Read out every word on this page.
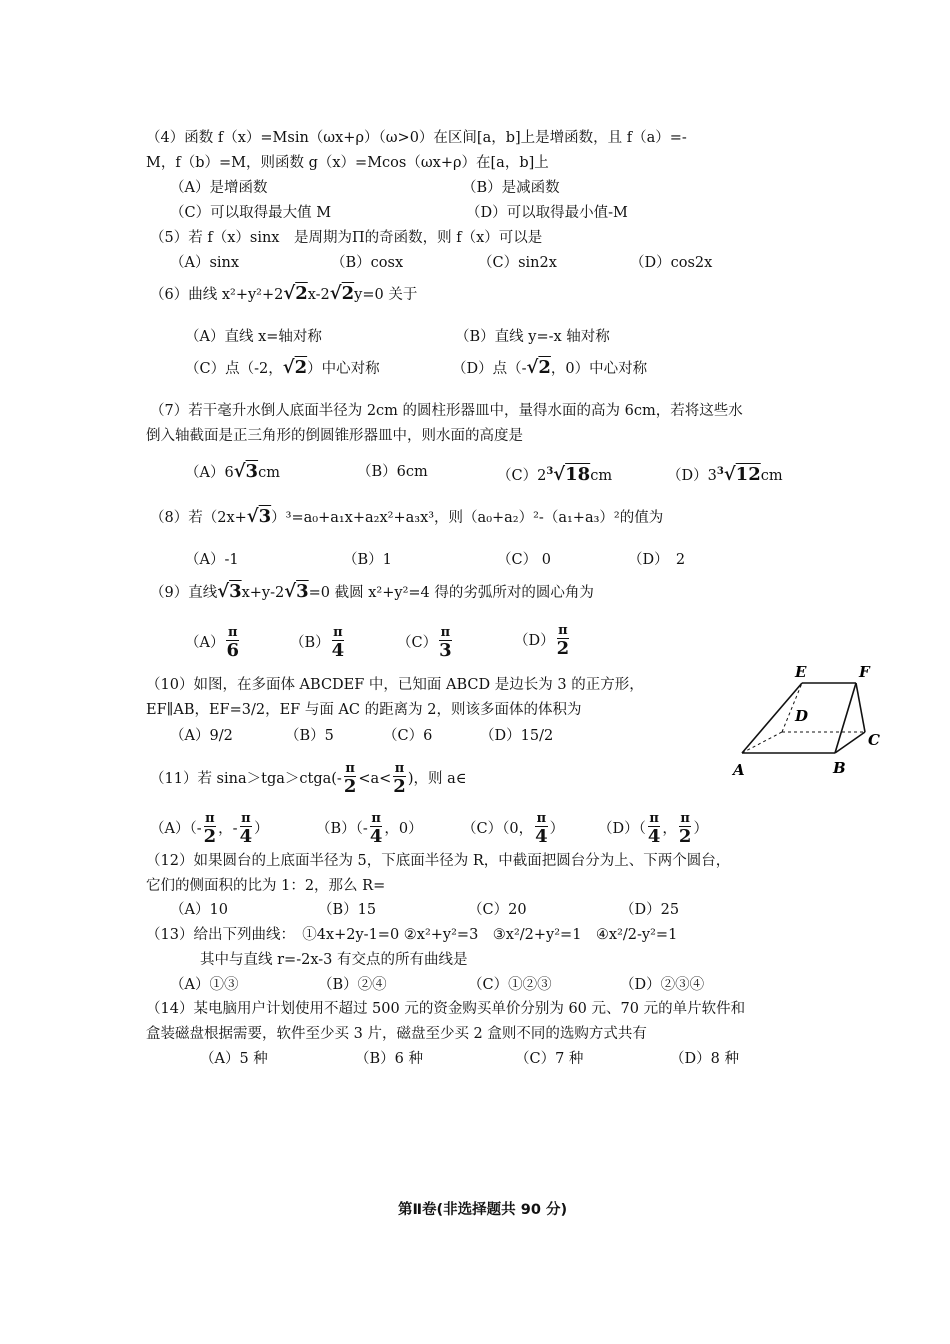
（4）函数 f（x）=Msin（ωx+ρ）（ω>0）在区间[a，b]上是增函数，且 f（a）=-
M，f（b）=M，则函数 g（x）=Mcos（ωx+ρ）在[a，b]上
（A）是增函数	（B）是减函数
（C）可以取得最大值 M	（D）可以取得最小值-M
（5）若 f（x）sinx　是周期为Π的奇函数，则 f（x）可以是
（A）sinx	（B）cosx	（C）sin2x	（D）cos2x
（6）曲线 x²+y²+2√2x-2√2y=0 关于
（A）直线 x=轴对称	（B）直线 y=-x 轴对称
（C）点（-2，√2）中心对称	（D）点（-√2，0）中心对称
（7）若干毫升水倒人底面半径为 2cm 的圆柱形器皿中，量得水面的高为 6cm，若将这些水
倒入轴截面是正三角形的倒圆锥形器皿中，则水面的高度是
（A）6√3cm	（B）6cm	$(C)2^3√18cm$	$(D)3^3√12cm$
（8）若（2x+√3）³=a₀+a₁x+a₂x²+a₃x³，则（a₀+a₂）²-（a₁+a₃）²的值为
（A）-1	（B）1	（C） 0	（D）　2
（9）直线√3x+y-2√3=0 截圆 x²+y²=4 得的劣弧所对的圆心角为
$(A) \frac{\pi}{6}$	$(B) \frac{\pi}{4}$	$(C) \frac{\pi}{3}$	$(D) \frac{\pi}{2}$
（10）如图，在多面体 ABCDEF 中，已知面 ABCD 是边长为 3 的正方形，
EF∥AB，EF=3/2，EF 与面 AC 的距离为 2，则该多面体的体积为
（A）9/2	（B）5	（C）6	（D）15/2
E	F
D
C
A	B
（11）若 sina＞tga＞ctga(- $\frac{\pi}{2} <a< \frac{\pi}{2}$ )，则 a∈
$(A)(- \frac{\pi}{2}$ ，- $\frac{\pi}{4}$ ）	$(B)(- \frac{\pi}{4}$ ，0）	（C）（0， $\frac{\pi}{4}$ ） $(D)( \frac{\pi}{4}$ ， $\frac{\pi}{2}$ ）
（12）如果圆台的上底面半径为 5，下底面半径为 R，中截面把圆台分为上、下两个圆台，
它们的侧面积的比为 1：2，那么 R=
（A）10	（B）15	（C）20	（D）25
（13）给出下列曲线：　①4x+2y-1=0 ②x²+y²=3　③x²/2+y²=1　④x²/2-y²=1
其中与直线 r=-2x-3 有交点的所有曲线是
（A）①③	（B）②④	（C）①②③	（D）②③④
（14）某电脑用户计划使用不超过 500 元的资金购买单价分别为 60 元、70 元的单片软件和
盒装磁盘根据需要，软件至少买 3 片，磁盘至少买 2 盒则不同的选购方式共有
（A）5 种	（B）6 种	（C）7 种	（D）8 种
第Ⅱ卷(非选择题共 90 分)
